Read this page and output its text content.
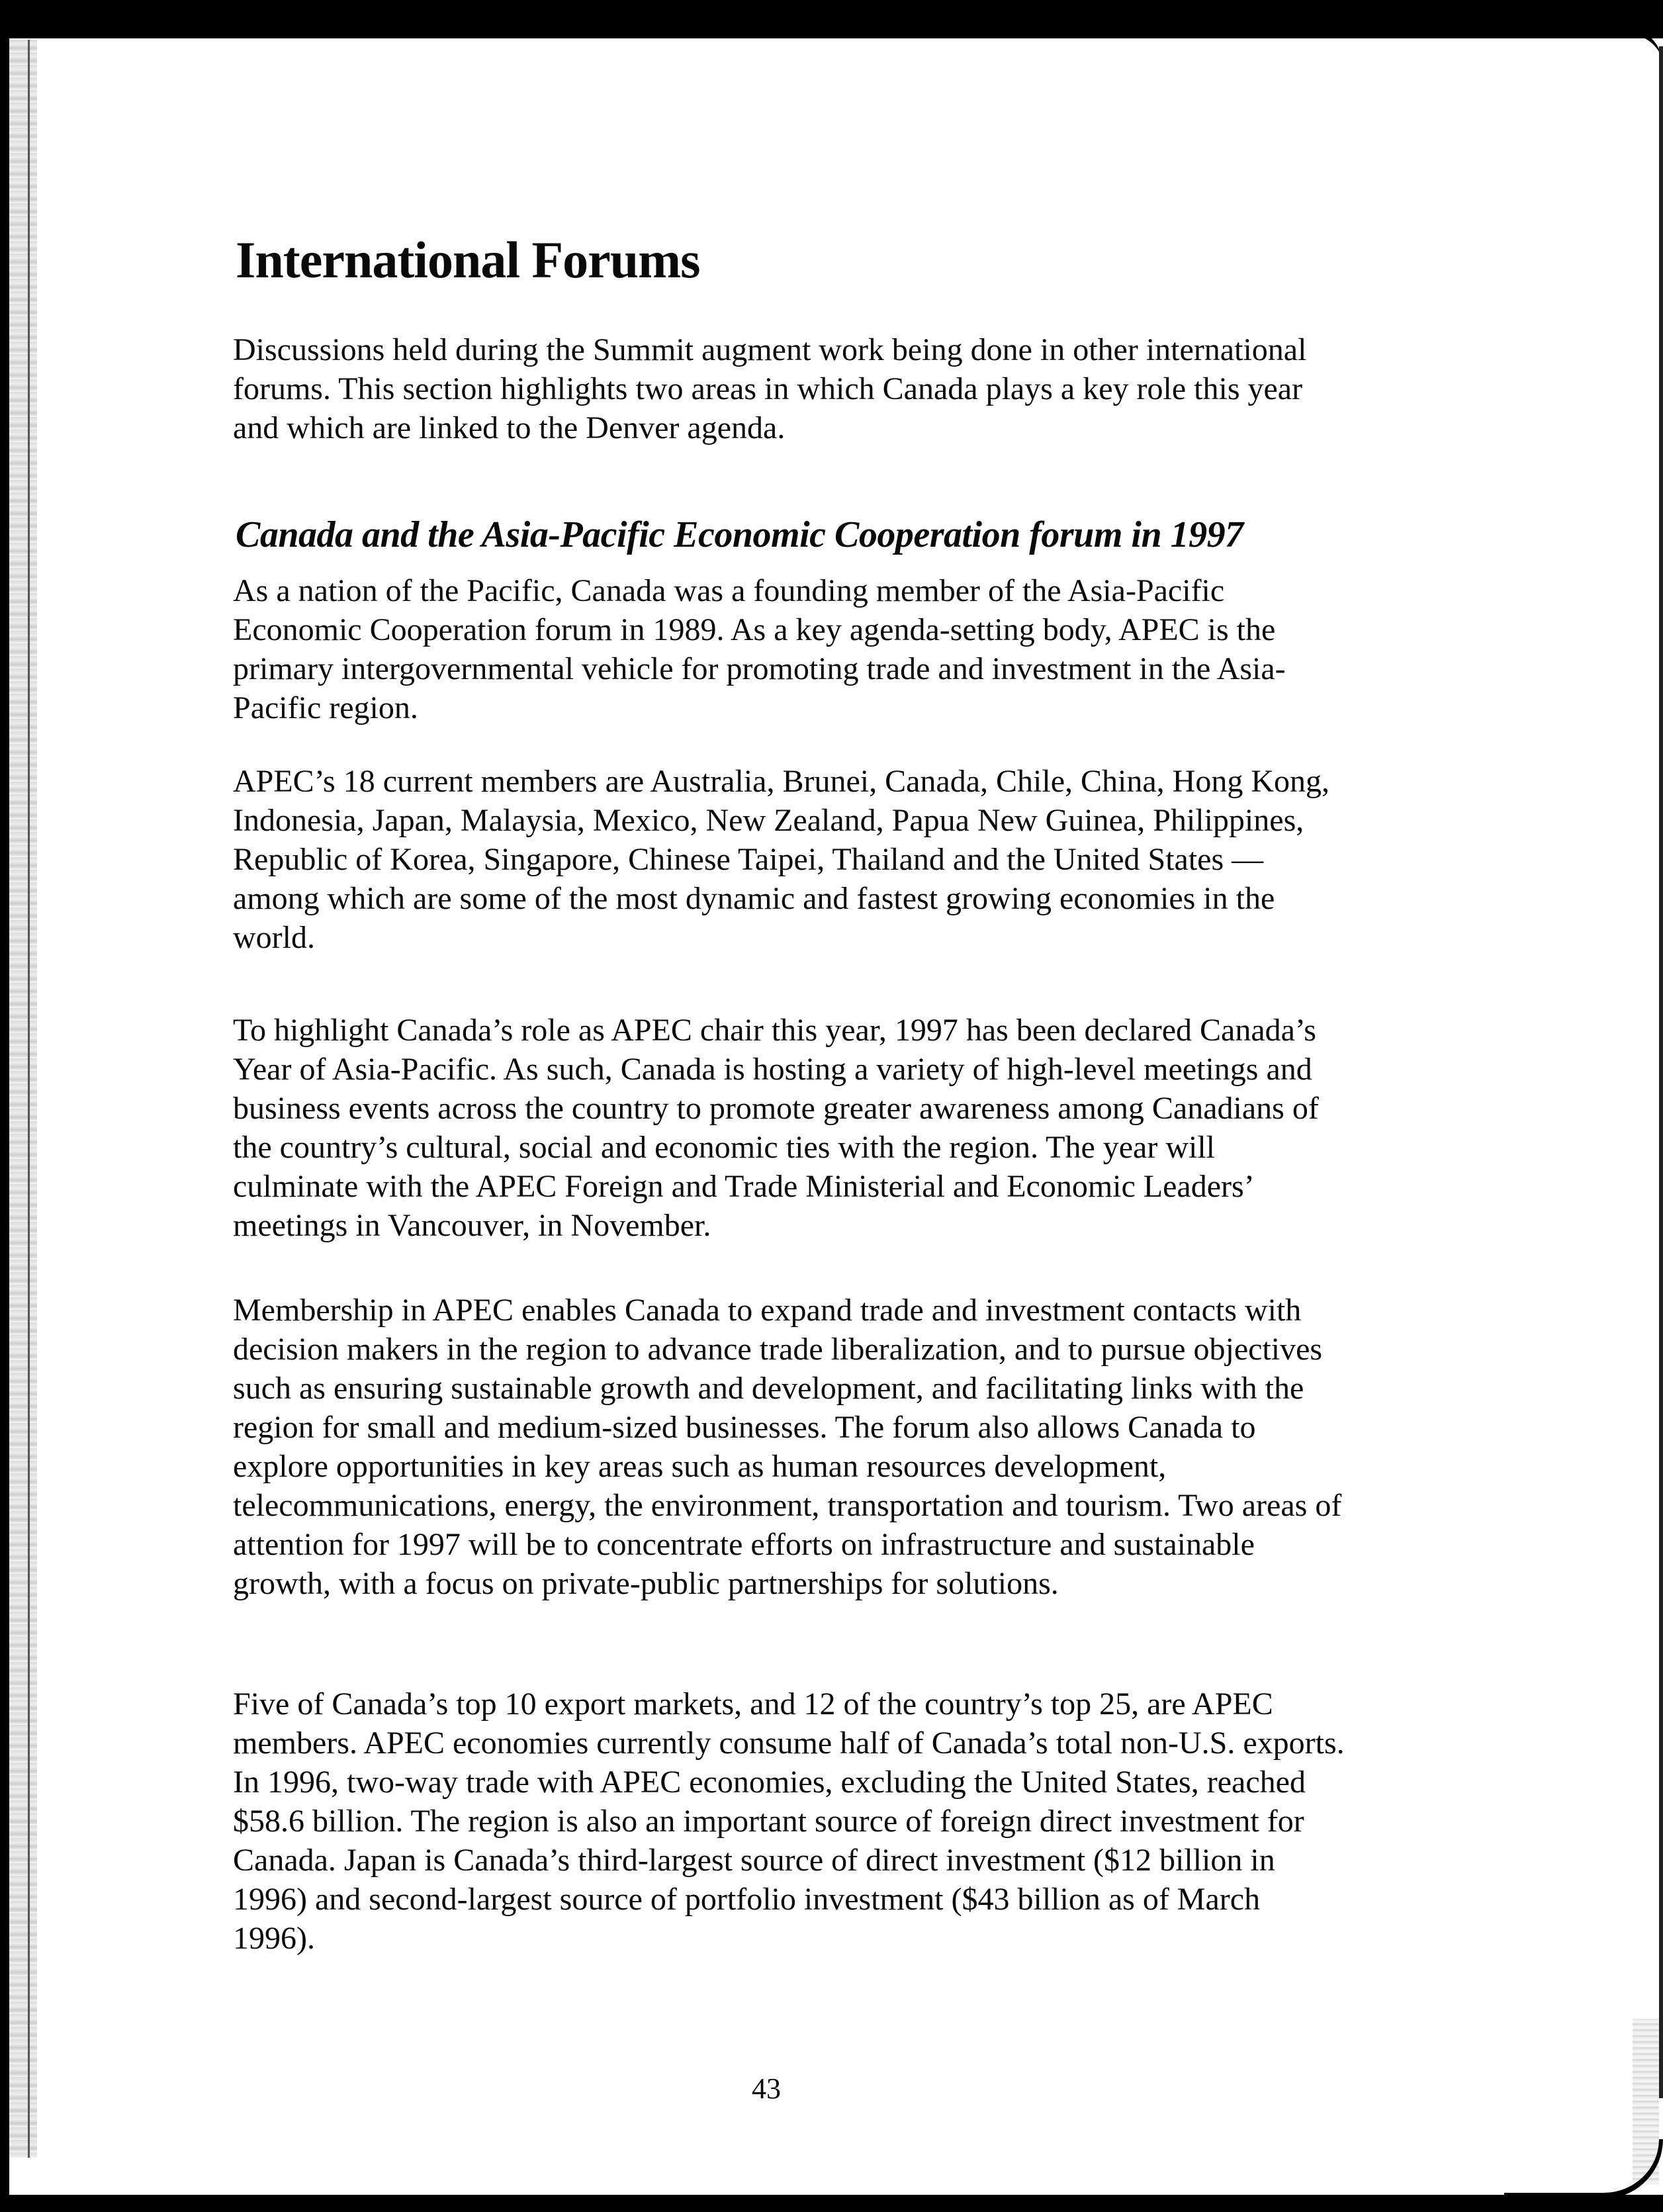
International Forums

Discussions held during the Summit augment work being done in other international forums. This section highlights two areas in which Canada plays a key role this year and which are linked to the Denver agenda.

Canada and the Asia-Pacific Economic Cooperation forum in 1997

As a nation of the Pacific, Canada was a founding member of the Asia-Pacific Economic Cooperation forum in 1989. As a key agenda-setting body, APEC is the primary intergovernmental vehicle for promoting trade and investment in the Asia-Pacific region.

APEC’s 18 current members are Australia, Brunei, Canada, Chile, China, Hong Kong, Indonesia, Japan, Malaysia, Mexico, New Zealand, Papua New Guinea, Philippines, Republic of Korea, Singapore, Chinese Taipei, Thailand and the United States — among which are some of the most dynamic and fastest growing economies in the world.

To highlight Canada’s role as APEC chair this year, 1997 has been declared Canada’s Year of Asia-Pacific. As such, Canada is hosting a variety of high-level meetings and business events across the country to promote greater awareness among Canadians of the country’s cultural, social and economic ties with the region. The year will culminate with the APEC Foreign and Trade Ministerial and Economic Leaders’ meetings in Vancouver, in November.

Membership in APEC enables Canada to expand trade and investment contacts with decision makers in the region to advance trade liberalization, and to pursue objectives such as ensuring sustainable growth and development, and facilitating links with the region for small and medium-sized businesses. The forum also allows Canada to explore opportunities in key areas such as human resources development, telecommunications, energy, the environment, transportation and tourism. Two areas of attention for 1997 will be to concentrate efforts on infrastructure and sustainable growth, with a focus on private-public partnerships for solutions.

Five of Canada’s top 10 export markets, and 12 of the country’s top 25, are APEC members. APEC economies currently consume half of Canada’s total non-U.S. exports. In 1996, two-way trade with APEC economies, excluding the United States, reached $58.6 billion. The region is also an important source of foreign direct investment for Canada. Japan is Canada’s third-largest source of direct investment ($12 billion in 1996) and second-largest source of portfolio investment ($43 billion as of March 1996).

43
